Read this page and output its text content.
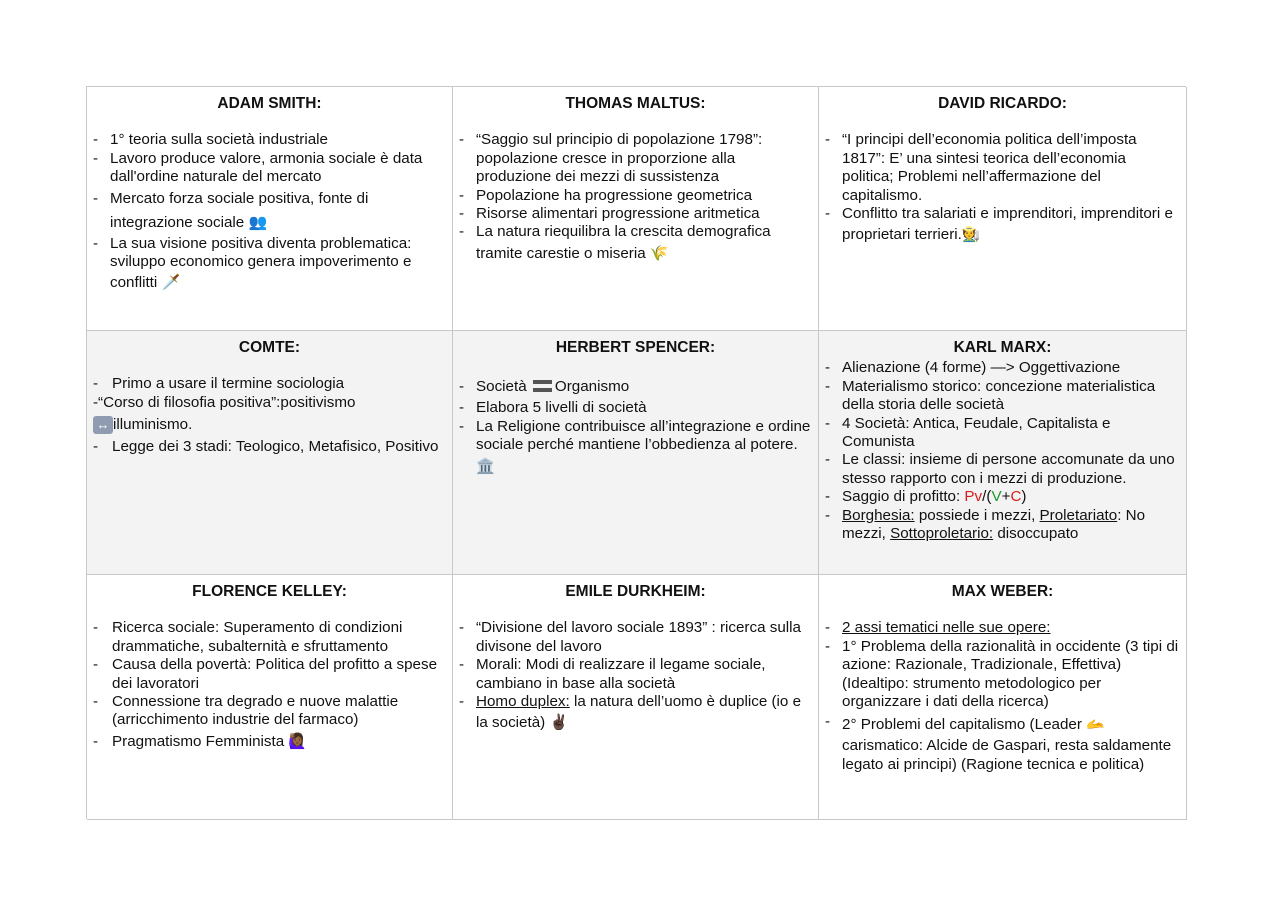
ADAM SMITH:
- 1° teoria sulla società industriale
- Lavoro produce valore, armonia sociale è data dall'ordine naturale del mercato
- Mercato forza sociale positiva, fonte di integrazione sociale 👥
- La sua visione positiva diventa problematica: sviluppo economico genera impoverimento e conflitti 🗡️
THOMAS MALTUS:
- “Saggio sul principio di popolazione 1798”: popolazione cresce in proporzione alla produzione dei mezzi di sussistenza
- Popolazione ha progressione geometrica
- Risorse alimentari progressione aritmetica
- La natura riequilibra la crescita demografica tramite carestie o miseria 🌾
DAVID RICARDO:
- “I principi dell’economia politica dell’imposta 1817”: E’ una sintesi teorica dell’economia politica; Problemi nell’affermazione del capitalismo.
- Conflitto tra salariati e imprenditori, imprenditori e proprietari terrieri.🧑‍🌾
COMTE:
- Primo a usare il termine sociologia
-“Corso di filosofia positiva”:positivismo
↔ illuminismo.
- Legge dei 3 stadi: Teologico, Metafisico, Positivo
HERBERT SPENCER:
- Società Organismo
- Elabora 5 livelli di società
- La Religione contribuisce all’integrazione e ordine sociale perché mantiene l’obbedienza al potere. 🏛️
KARL MARX:
- Alienazione (4 forme) —> Oggettivazione
- Materialismo storico: concezione materialistica della storia delle società
- 4 Società: Antica, Feudale, Capitalista e Comunista
- Le classi: insieme di persone accomunate da uno stesso rapporto con i mezzi di produzione.
- Saggio di profitto: Pv/(V+C)
- Borghesia: possiede i mezzi, Proletariato: No mezzi, Sottoproletario: disoccupato
FLORENCE KELLEY:
- Ricerca sociale: Superamento di condizioni drammatiche, subalternità e sfruttamento
- Causa della povertà: Politica del profitto a spese dei lavoratori
- Connessione tra degrado e nuove malattie (arricchimento industrie del farmaco)
- Pragmatismo Femminista 🙋🏾‍♀️
EMILE DURKHEIM:
- “Divisione del lavoro sociale 1893” : ricerca sulla divisone del lavoro
- Morali: Modi di realizzare il legame sociale, cambiano in base alla società
- Homo duplex: la natura dell’uomo è duplice (io e la società) ✌🏿
MAX WEBER:
- 2 assi tematici nelle sue opere:
- 1° Problema della razionalità in occidente (3 tipi di azione: Razionale, Tradizionale, Effettiva) (Idealtipo: strumento metodologico per organizzare i dati della ricerca)
- 2° Problemi del capitalismo (Leader 🫴 carismatico: Alcide de Gaspari, resta saldamente legato ai principi) (Ragione tecnica e politica)
